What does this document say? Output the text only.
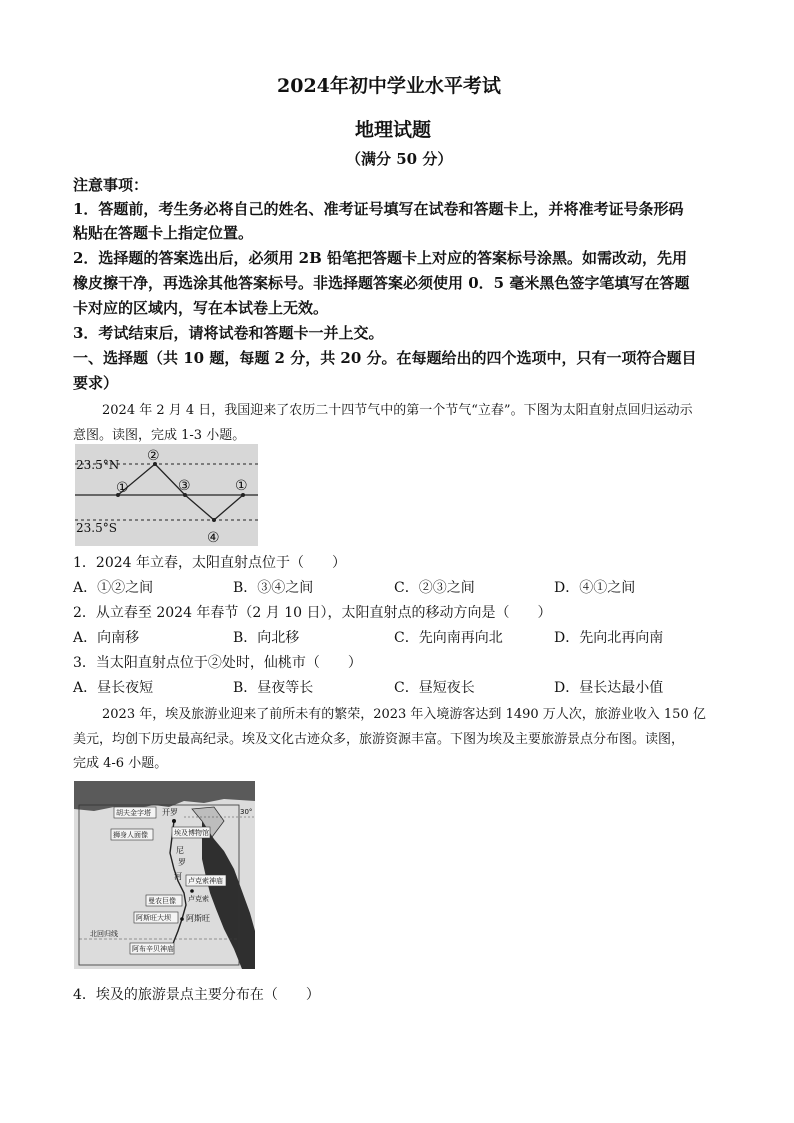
2024年初中学业水平考试
地理试题
（满分 50 分）
注意事项：
1．答题前，考生务必将自己的姓名、准考证号填写在试卷和答题卡上，并将准考证号条形码
粘贴在答题卡上指定位置。
2．选择题的答案选出后，必须用 2B 铅笔把答题卡上对应的答案标号涂黑。如需改动，先用
橡皮擦干净，再选涂其他答案标号。非选择题答案必须使用 0．5 毫米黑色签字笔填写在答题
卡对应的区域内，写在本试卷上无效。
3．考试结束后，请将试卷和答题卡一并上交。
一、选择题（共 10 题，每题 2 分，共 20 分。在每题给出的四个选项中，只有一项符合题目
要求）
2024 年 2 月 4 日，我国迎来了农历二十四节气中的第一个节气“立春”。下图为太阳直射点回归运动示
意图。读图，完成 1-3 小题。
23.5°N
23.5°S
①
②
③
④
①
1．2024 年立春，太阳直射点位于（　　）
A．①②之间	B．③④之间	C．②③之间	D．④①之间
2．从立春至 2024 年春节（2 月 10 日），太阳直射点的移动方向是（　　）
A．向南移	B．向北移	C．先向南再向北	D．先向北再向南
3．当太阳直射点位于②处时，仙桃市（　　）
A．昼长夜短	B．昼夜等长	C．昼短夜长	D．昼长达最小值
2023 年，埃及旅游业迎来了前所未有的繁荣，2023 年入境游客达到 1490 万人次，旅游业收入 150 亿
美元，均创下历史最高纪录。埃及文化古迹众多，旅游资源丰富。下图为埃及主要旅游景点分布图。读图，
完成 4-6 小题。
胡夫金字塔 开罗
狮身人面像	埃及博物馆
30°
尼
罗
河 卢克索神庙
卢克索
曼农巨像
阿斯旺大坝 阿斯旺
北回归线
阿布辛贝神庙
4．埃及的旅游景点主要分布在（　　）
